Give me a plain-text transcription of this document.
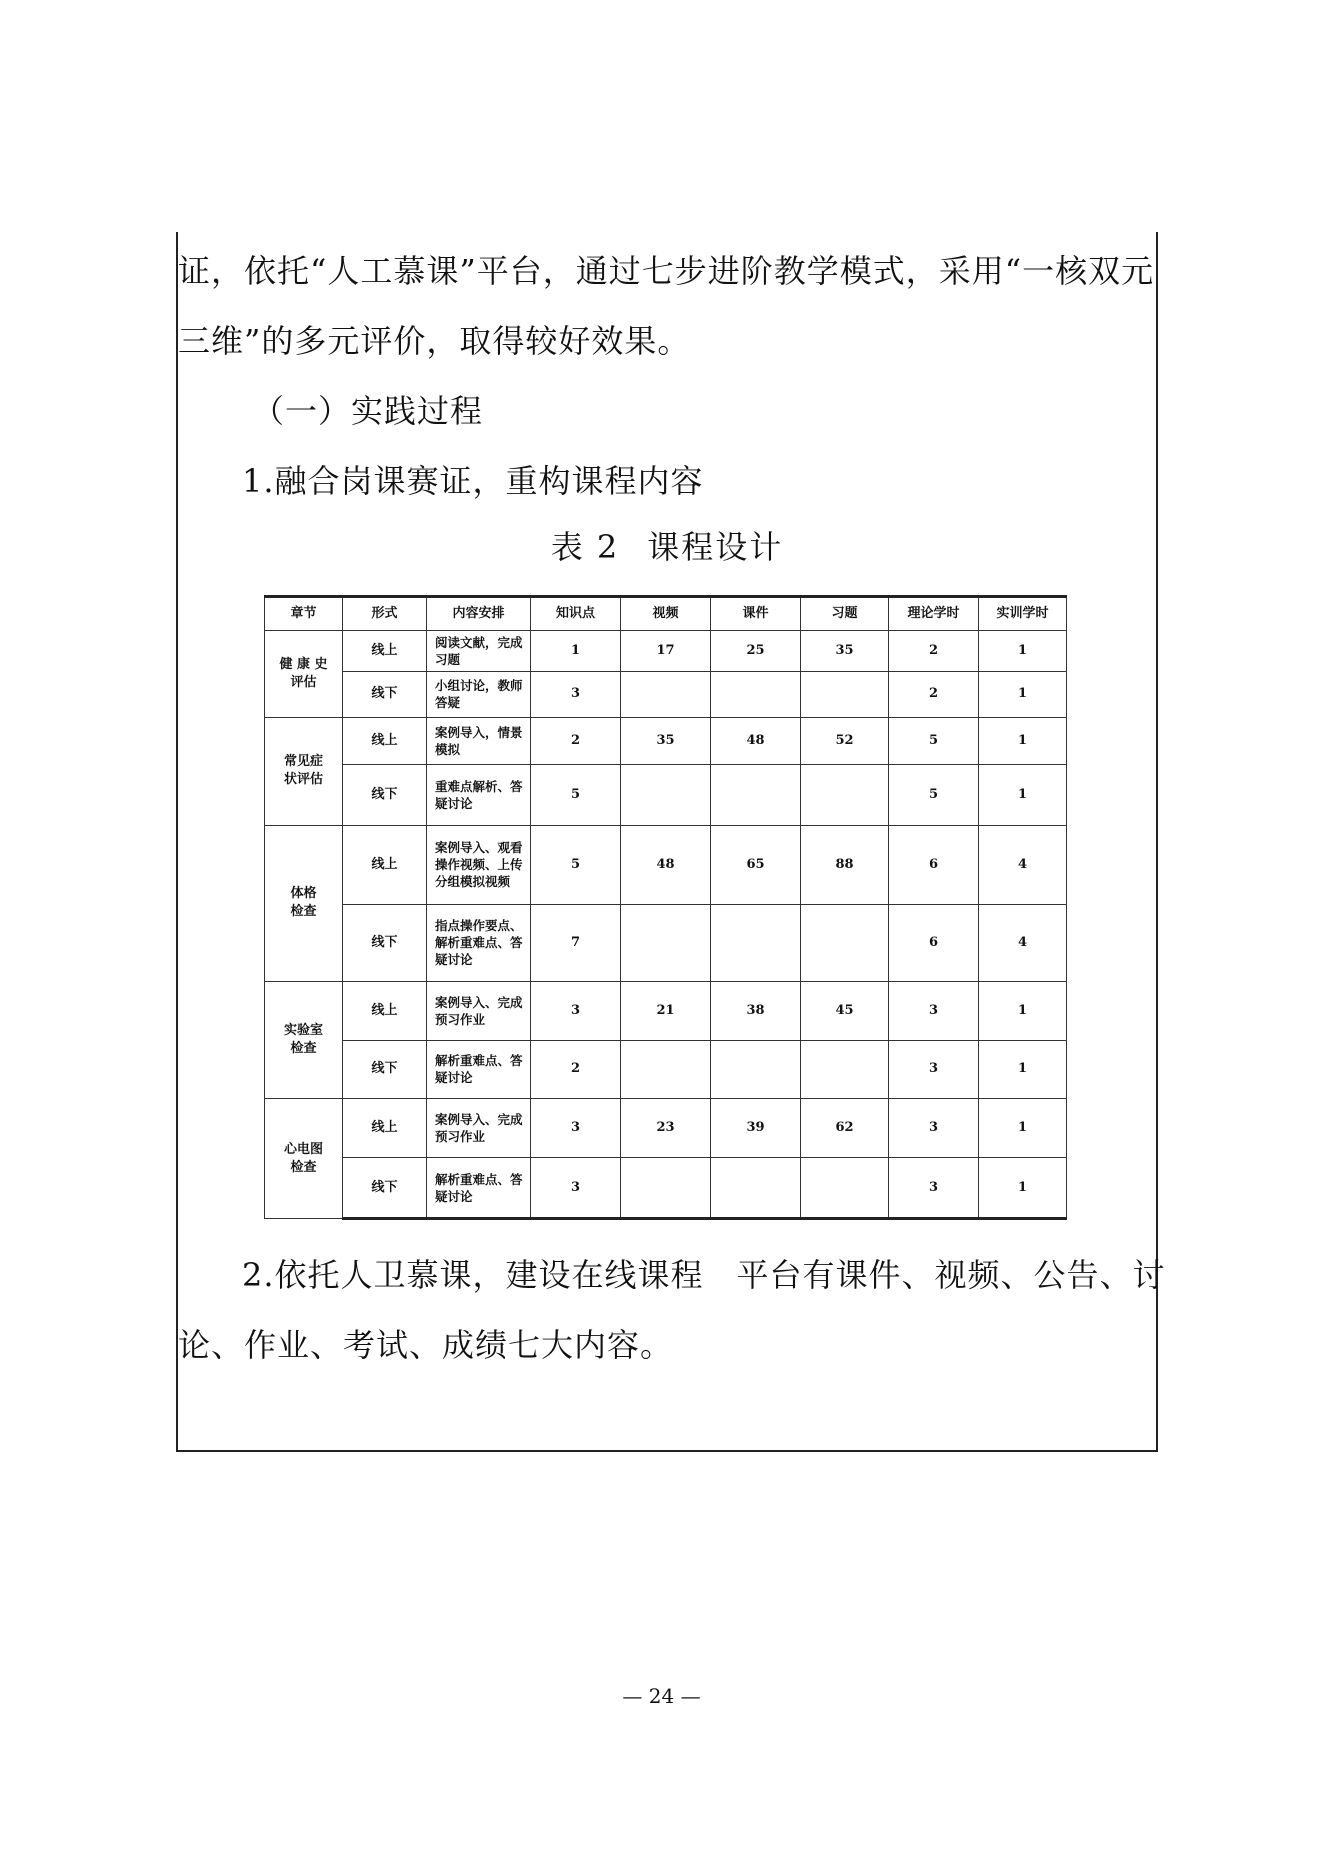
证，依托“人工慕课”平台，通过七步进阶教学模式，采用“一核双元
三维”的多元评价，取得较好效果。
（一）实践过程
1.融合岗课赛证，重构课程内容
表 2 课程设计
章节	形式	内容安排	知识点	视频	课件	习题	理论学时	实训学时
健 康 史
评估	线上	阅读文献，完成习题	1	17	25	35	2	1
	线下	小组讨论，教师答疑	3				2	1
常见症
状评估	线上	案例导入，情景模拟	2	35	48	52	5	1
	线下	重难点解析、答疑讨论	5				5	1
体格
检查	线上	案例导入、观看操作视频、上传分组模拟视频	5	48	65	88	6	4
	线下	指点操作要点、解析重难点、答疑讨论	7				6	4
实验室
检查	线上	案例导入、完成预习作业	3	21	38	45	3	1
	线下	解析重难点、答疑讨论	2				3	1
心电图
检查	线上	案例导入、完成预习作业	3	23	39	62	3	1
	线下	解析重难点、答疑讨论	3				3	1
2.依托人卫慕课，建设在线课程　平台有课件、视频、公告、讨
论、作业、考试、成绩七大内容。
— 24 —
